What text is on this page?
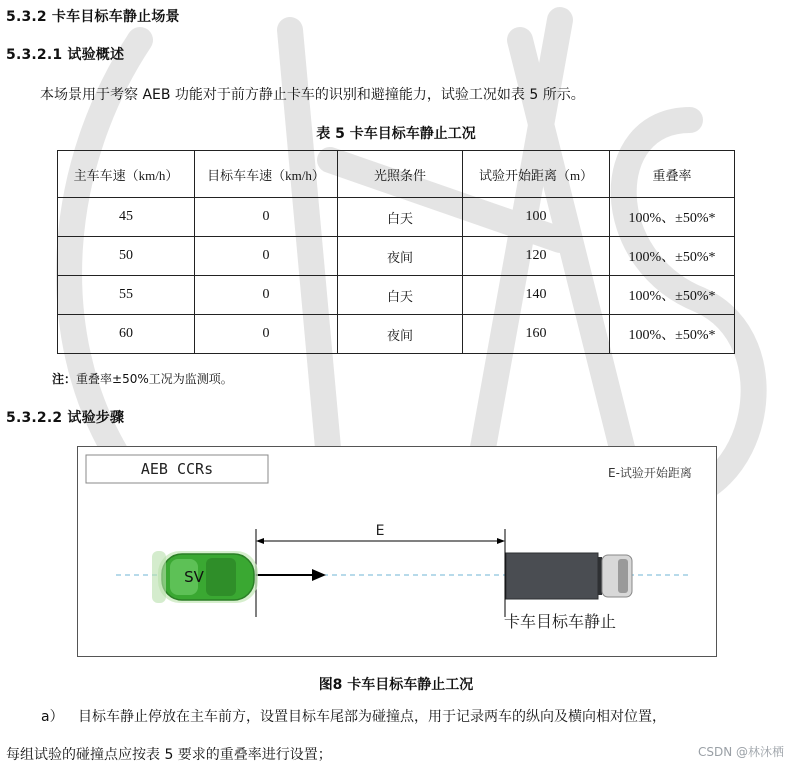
5.3.2 卡车目标车静止场景
5.3.2.1 试验概述
本场景用于考察 AEB 功能对于前方静止卡车的识别和避撞能力，试验工况如表 5 所示。
表 5 卡车目标车静止工况
主车车速（km/h）	目标车车速（km/h）	光照条件	试验开始距离（m）	重叠率
45	0	白天	100	100%、±50%*
50	0	夜间	120	100%、±50%*
55	0	白天	140	100%、±50%*
60	0	夜间	160	100%、±50%*
注：重叠率±50%工况为监测项。
5.3.2.2 试验步骤
AEB CCRs	E-试验开始距离
E
SV
卡车目标车静止
图8 卡车目标车静止工况
a） 目标车静止停放在主车前方，设置目标车尾部为碰撞点，用于记录两车的纵向及横向相对位置，
每组试验的碰撞点应按表 5 要求的重叠率进行设置；	CSDN @林沐栖
